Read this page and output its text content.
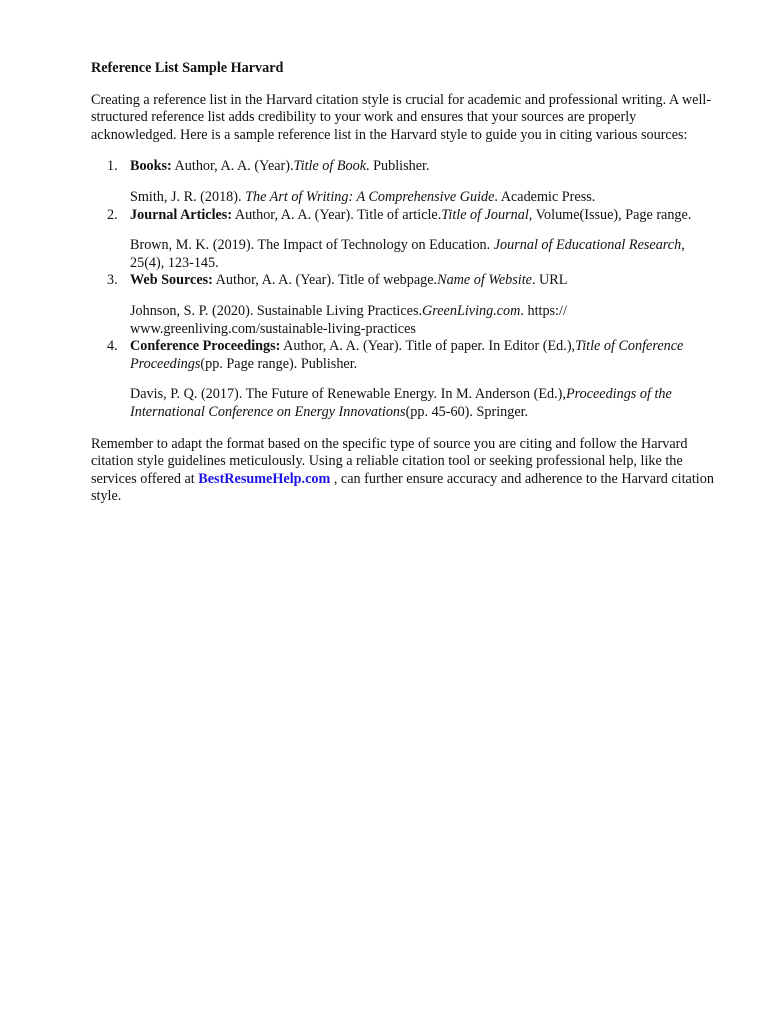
Reference List Sample Harvard

Creating a reference list in the Harvard citation style is crucial for academic and professional writing. A well-structured reference list adds credibility to your work and ensures that your sources are properly acknowledged. Here is a sample reference list in the Harvard style to guide you in citing various sources:

1. Books: Author, A. A. (Year).Title of Book. Publisher.

Smith, J. R. (2018). The Art of Writing: A Comprehensive Guide. Academic Press.

2. Journal Articles: Author, A. A. (Year). Title of article.Title of Journal, Volume(Issue), Page range.

Brown, M. K. (2019). The Impact of Technology on Education. Journal of Educational Research, 25(4), 123-145.

3. Web Sources: Author, A. A. (Year). Title of webpage.Name of Website. URL

Johnson, S. P. (2020). Sustainable Living Practices.GreenLiving.com. https:// www.greenliving.com/sustainable-living-practices

4. Conference Proceedings: Author, A. A. (Year). Title of paper. In Editor (Ed.),Title of Conference Proceedings(pp. Page range). Publisher.

Davis, P. Q. (2017). The Future of Renewable Energy. In M. Anderson (Ed.),Proceedings of the International Conference on Energy Innovations(pp. 45-60). Springer.

Remember to adapt the format based on the specific type of source you are citing and follow the Harvard citation style guidelines meticulously. Using a reliable citation tool or seeking professional help, like the services offered at BestResumeHelp.com , can further ensure accuracy and adherence to the Harvard citation style.
